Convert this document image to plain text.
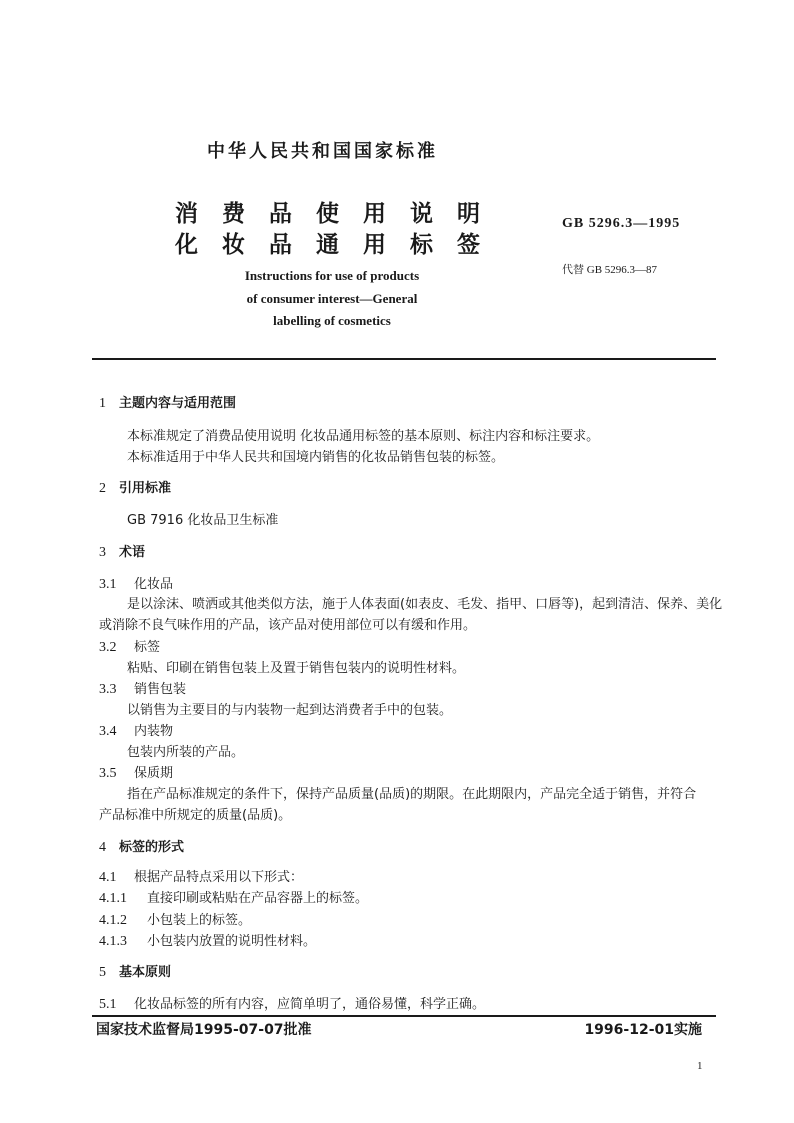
中华人民共和国国家标准
消费品使用说明
化妆品通用标签
GB 5296.3—1995
代替 GB 5296.3—87
Instructions for use of products
of consumer interest—General
labelling of cosmetics
1 主题内容与适用范围
本标准规定了消费品使用说明 化妆品通用标签的基本原则、标注内容和标注要求。
本标准适用于中华人民共和国境内销售的化妆品销售包装的标签。
2 引用标准
GB 7916 化妆品卫生标准
3 术语
3.1 化妆品
是以涂沫、喷洒或其他类似方法，施于人体表面(如表皮、毛发、指甲、口唇等)，起到清洁、保养、美化
或消除不良气味作用的产品，该产品对使用部位可以有缓和作用。
3.2 标签
粘贴、印刷在销售包装上及置于销售包装内的说明性材料。
3.3 销售包装
以销售为主要目的与内装物一起到达消费者手中的包装。
3.4 内装物
包装内所装的产品。
3.5 保质期
指在产品标准规定的条件下，保持产品质量(品质)的期限。在此期限内，产品完全适于销售，并符合
产品标准中所规定的质量(品质)。
4 标签的形式
4.1 根据产品特点采用以下形式：
4.1.1 直接印刷或粘贴在产品容器上的标签。
4.1.2 小包装上的标签。
4.1.3 小包装内放置的说明性材料。
5 基本原则
5.1 化妆品标签的所有内容，应简单明了，通俗易懂，科学正确。
国家技术监督局1995-07-07批准	1996-12-01实施
1
